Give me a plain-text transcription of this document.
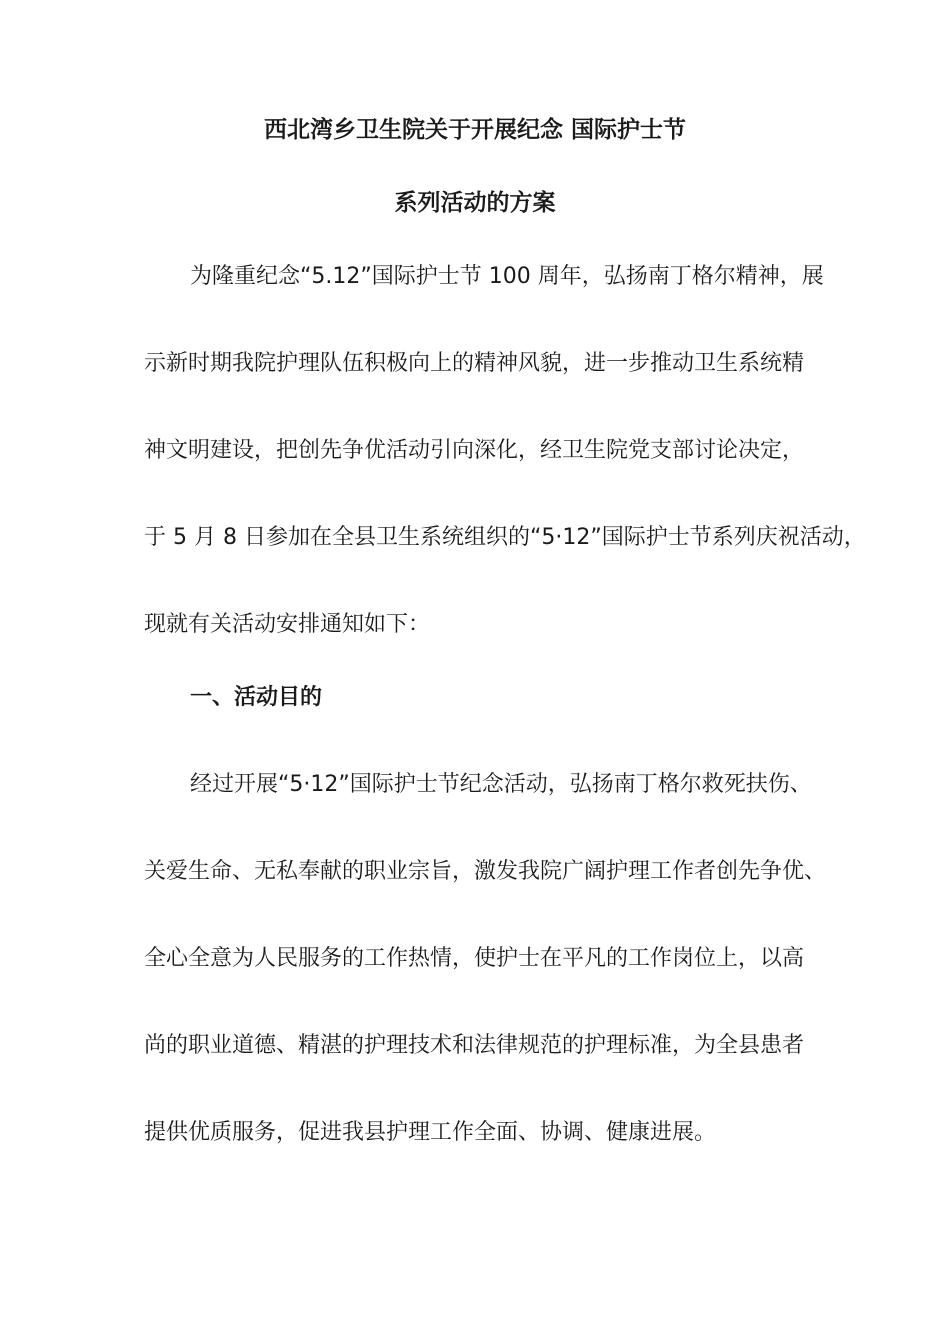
西北湾乡卫生院关于开展纪念 国际护士节
系列活动的方案
为隆重纪念“5.12”国际护士节 100 周年，弘扬南丁格尔精神，展
示新时期我院护理队伍积极向上的精神风貌，进一步推动卫生系统精
神文明建设，把创先争优活动引向深化，经卫生院党支部讨论决定，
于 5 月 8 日参加在全县卫生系统组织的“5·12”国际护士节系列庆祝活动，
现就有关活动安排通知如下：
一、活动目的
经过开展“5·12”国际护士节纪念活动，弘扬南丁格尔救死扶伤、
关爱生命、无私奉献的职业宗旨，激发我院广阔护理工作者创先争优、
全心全意为人民服务的工作热情，使护士在平凡的工作岗位上，以高
尚的职业道德、精湛的护理技术和法律规范的护理标准，为全县患者
提供优质服务，促进我县护理工作全面、协调、健康进展。
